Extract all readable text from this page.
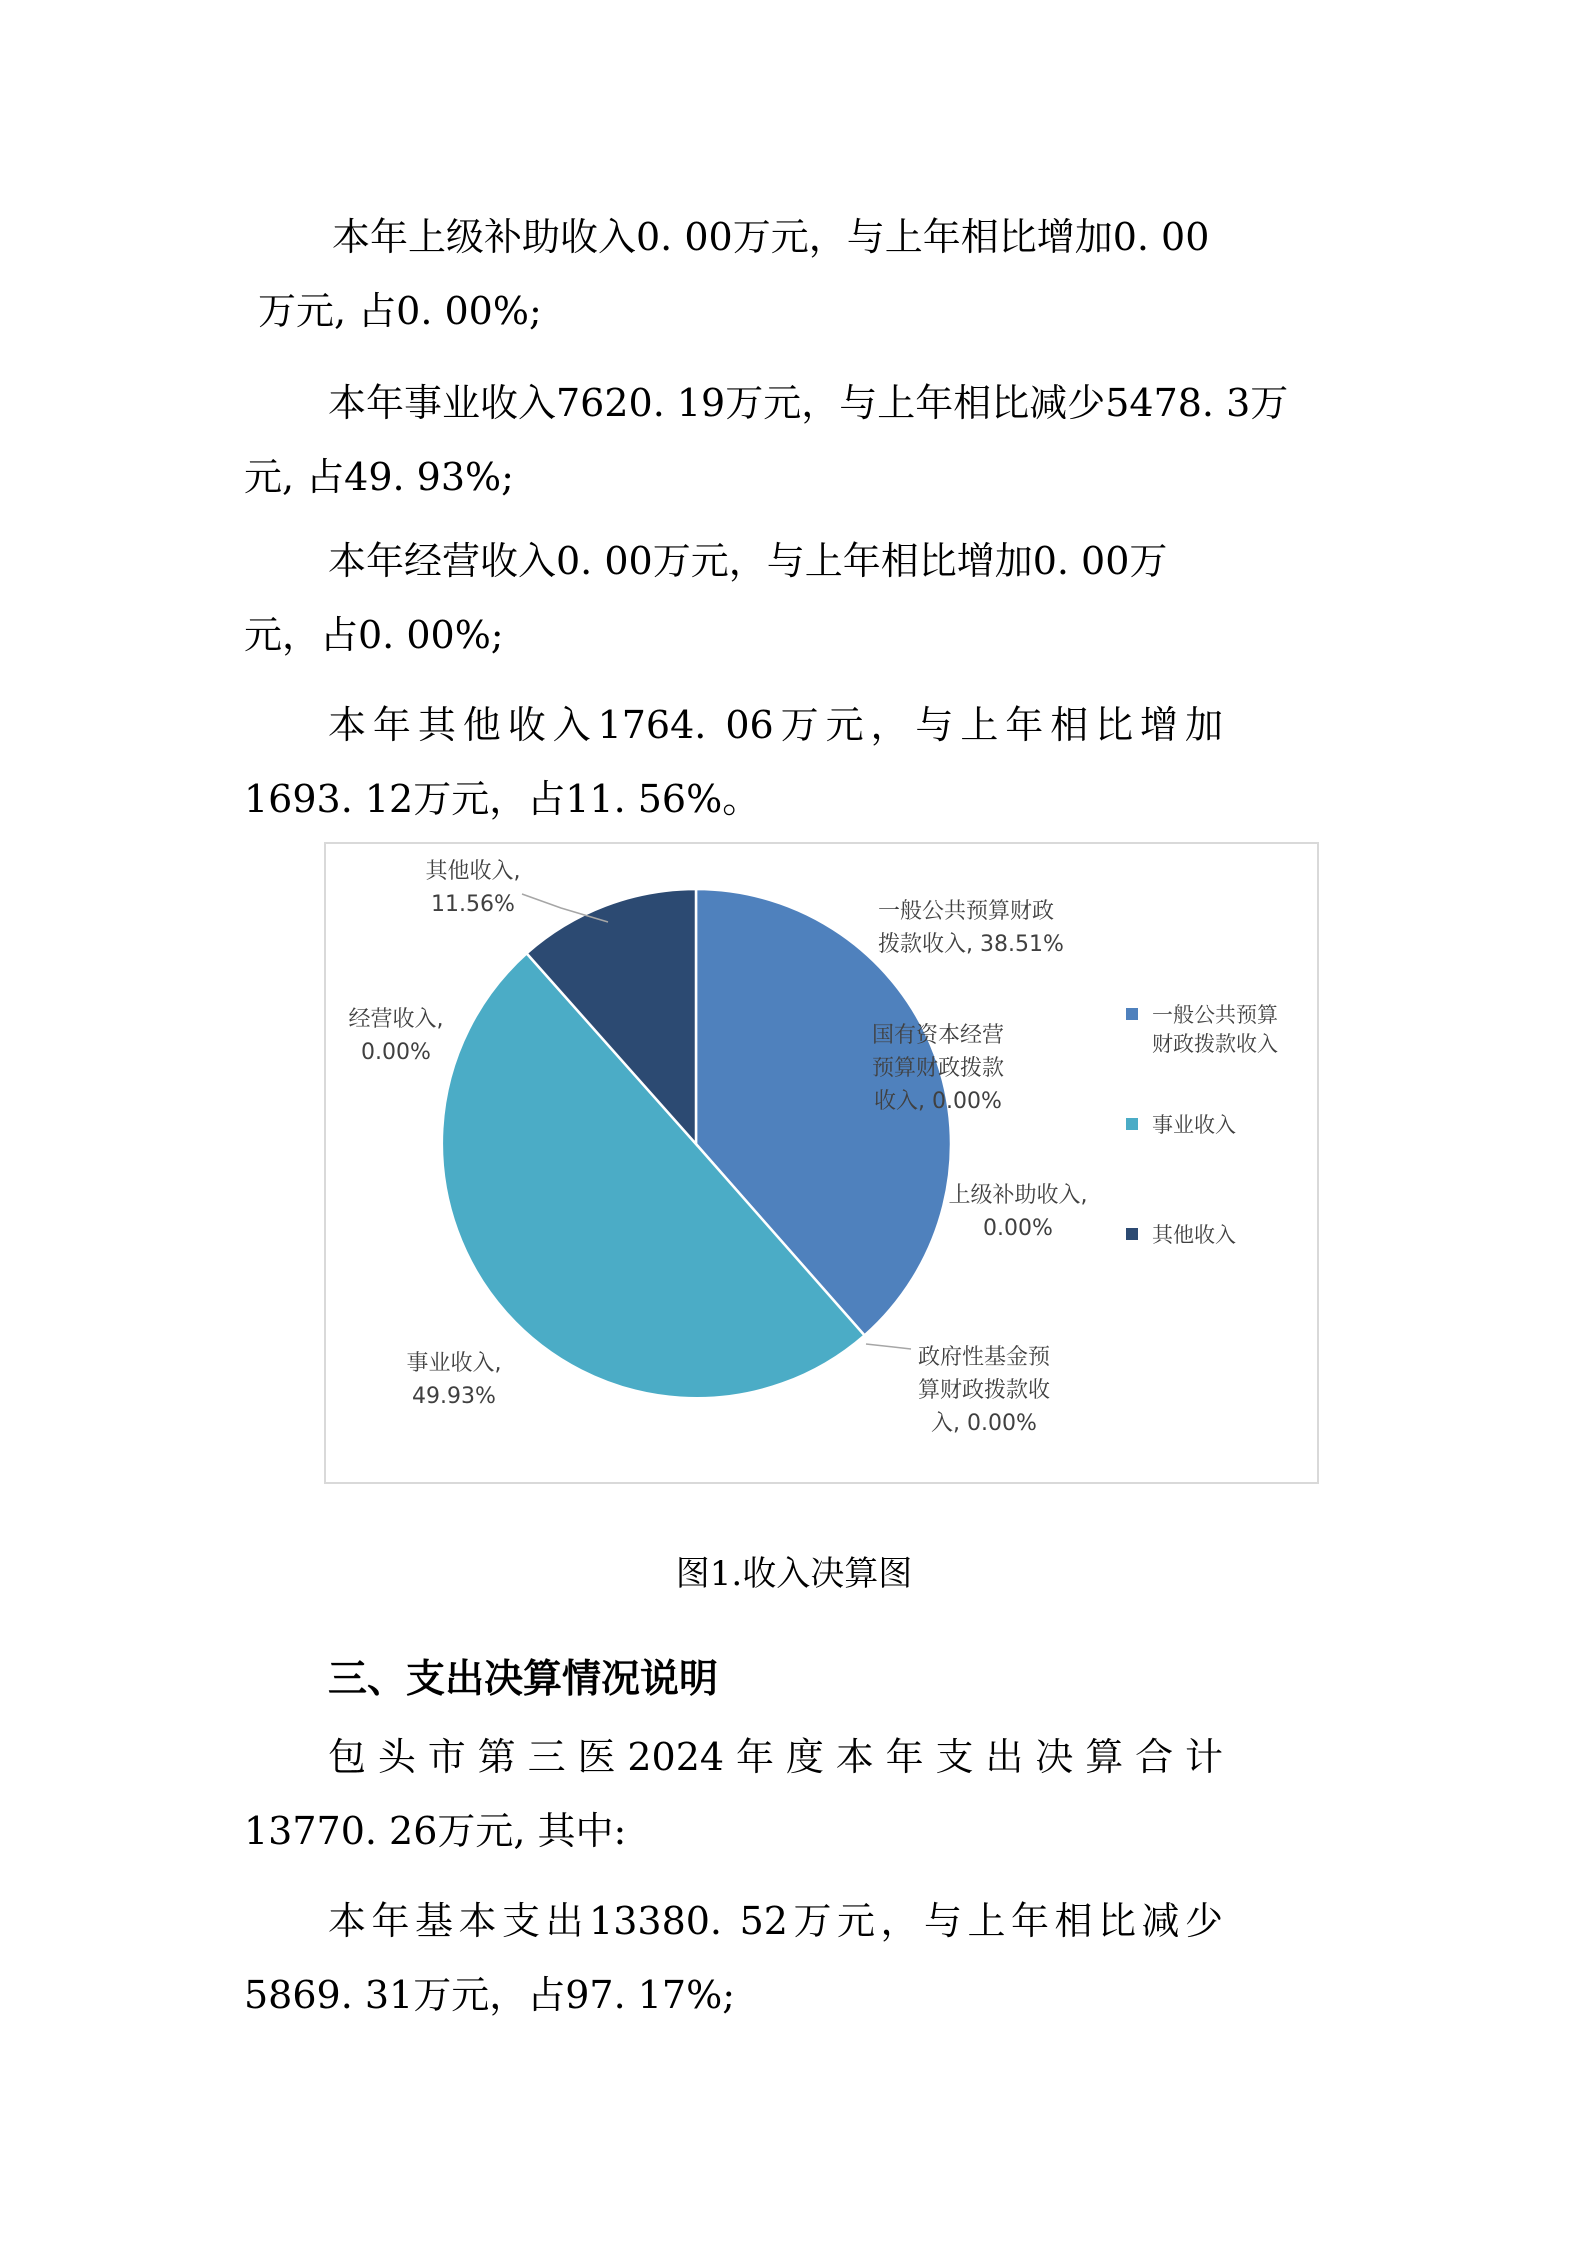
本年上级补助收入0. 00万元，与上年相比增加0. 00
万元, 占0. 00%;
本年事业收入7620. 19万元，与上年相比减少5478. 3万
元, 占49. 93%;
本年经营收入0. 00万元，与上年相比增加0. 00万
元，占0. 00%;
本年其他收入1764. 06万元，与上年相比增加
1693. 12万元，占11. 56%。
一般公共预算财政拨款收入, 38.51%
国有资本经营预算财政拨款收入, 0.00%
上级补助收入, 0.00%
政府性基金预算财政拨款收入, 0.00%
事业收入, 49.93%
经营收入, 0.00%
其他收入, 11.56%
一般公共预算财政拨款收入
事业收入
其他收入
图1.收入决算图
三、支出决算情况说明
包头市第三医2024年度本年支出决算合计
13770. 26万元, 其中:
本年基本支出13380. 52万元，与上年相比减少
5869. 31万元，占97. 17%;
